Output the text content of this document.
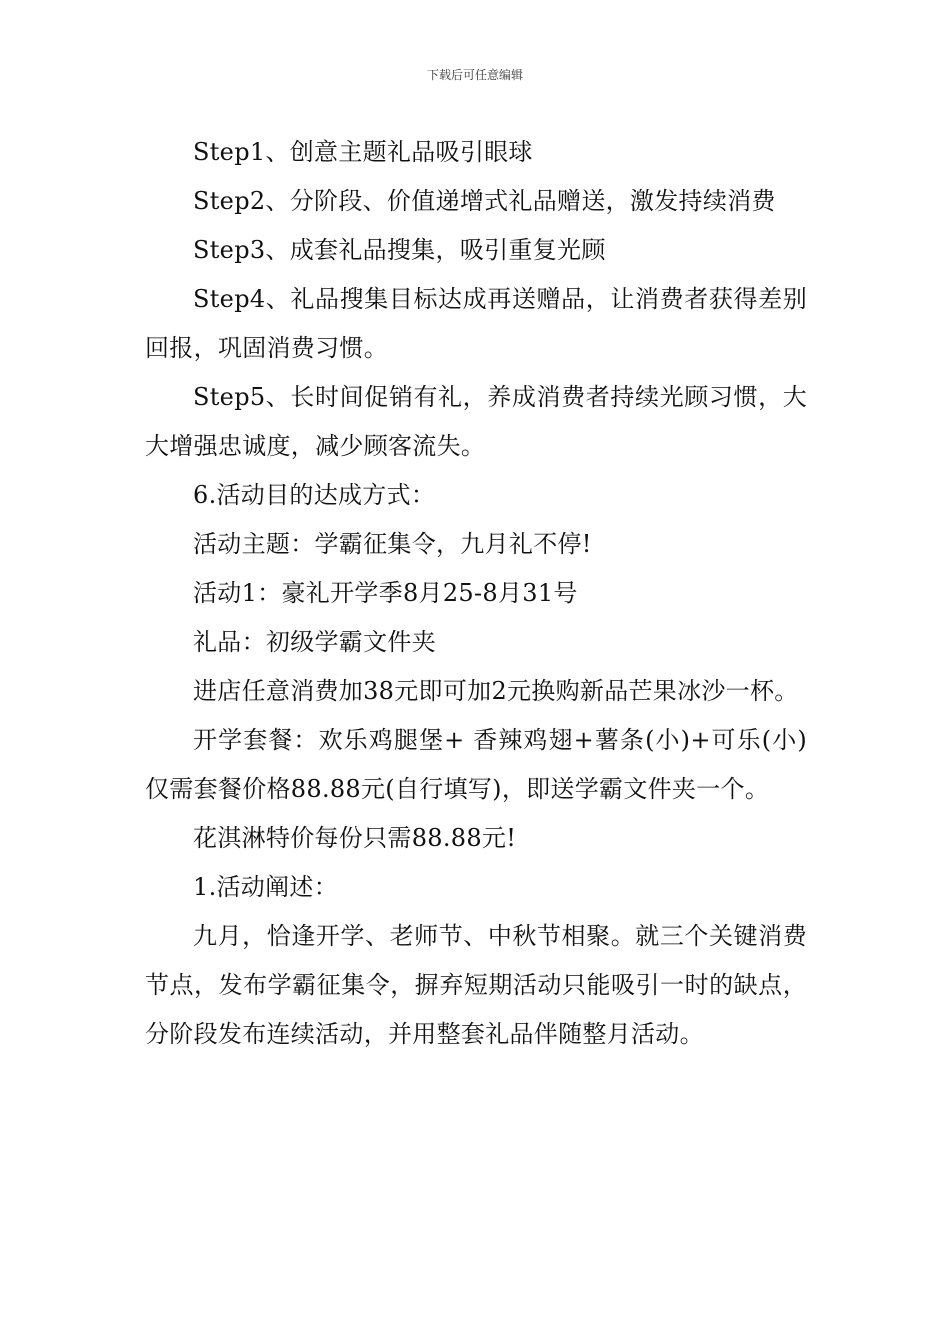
下载后可任意编辑

Step1、创意主题礼品吸引眼球

Step2、分阶段、价值递增式礼品赠送，激发持续消费

Step3、成套礼品搜集，吸引重复光顾

Step4、礼品搜集目标达成再送赠品，让消费者获得差别回报，巩固消费习惯。

Step5、长时间促销有礼，养成消费者持续光顾习惯，大大增强忠诚度，减少顾客流失。

6.活动目的达成方式：

活动主题：学霸征集令，九月礼不停!

活动1：豪礼开学季8月25-8月31号

礼品：初级学霸文件夹

进店任意消费加38元即可加2元换购新品芒果冰沙一杯。

开学套餐：欢乐鸡腿堡+ 香辣鸡翅+薯条(小)+可乐(小) 仅需套餐价格88.88元(自行填写)，即送学霸文件夹一个。

花淇淋特价每份只需88.88元!

1.活动阐述：

九月，恰逢开学、老师节、中秋节相聚。就三个关键消费节点，发布学霸征集令，摒弃短期活动只能吸引一时的缺点，分阶段发布连续活动，并用整套礼品伴随整月活动。
